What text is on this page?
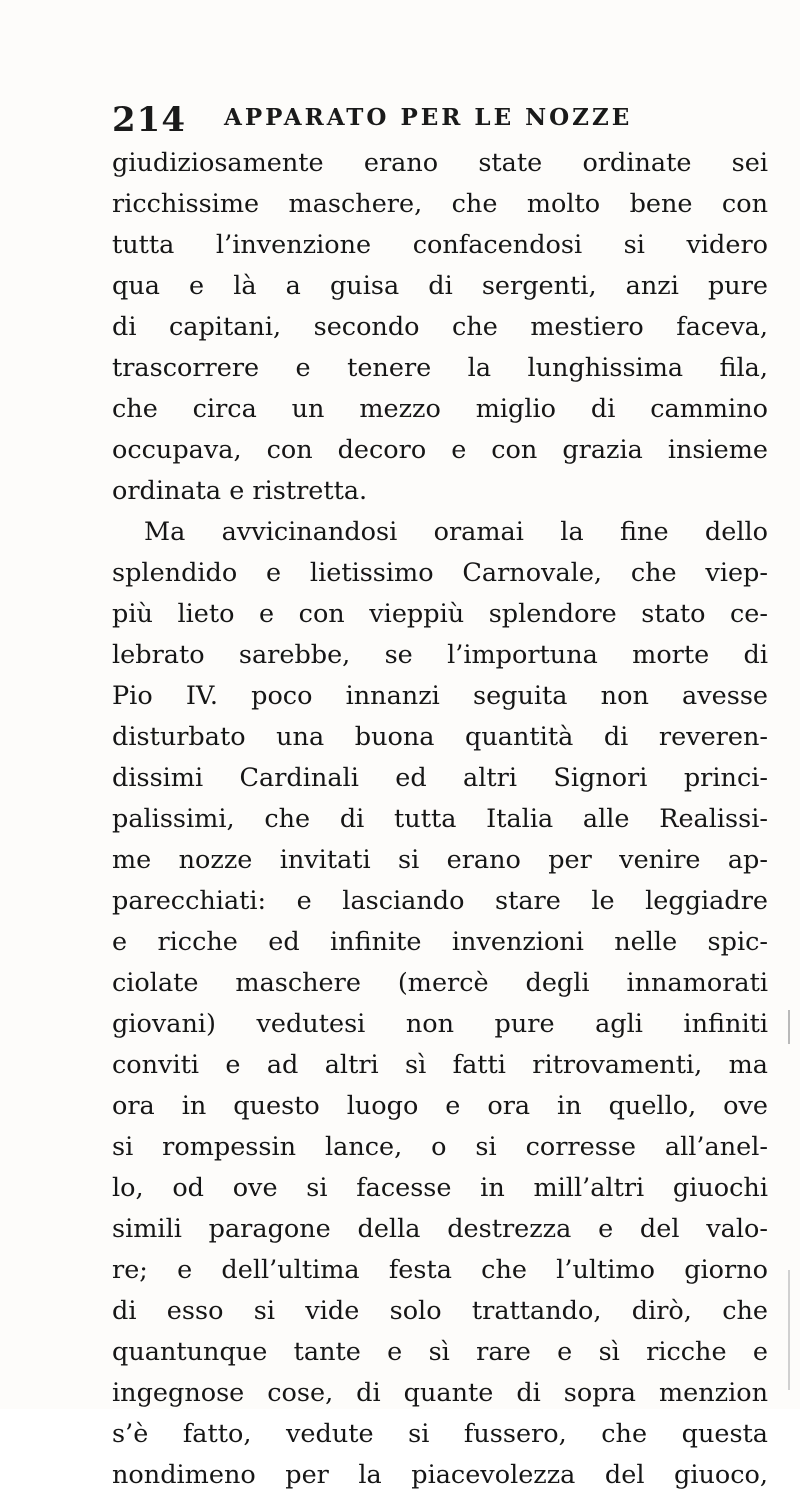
214 APPARATO PER LE NOZZE
giudiziosamente erano state ordinate sei
ricchissime maschere, che molto bene con
tutta l’invenzione confacendosi si videro
qua e là a guisa di sergenti, anzi pure
di capitani, secondo che mestiero faceva,
trascorrere e tenere la lunghissima fila,
che circa un mezzo miglio di cammino
occupava, con decoro e con grazia insieme
ordinata e ristretta.
Ma avvicinandosi oramai la fine dello
splendido e lietissimo Carnovale, che viep-
più lieto e con vieppiù splendore stato ce-
lebrato sarebbe, se l’importuna morte di
Pio IV. poco innanzi seguita non avesse
disturbato una buona quantità di reveren-
dissimi Cardinali ed altri Signori princi-
palissimi, che di tutta Italia alle Realissi-
me nozze invitati si erano per venire ap-
parecchiati: e lasciando stare le leggiadre
e ricche ed infinite invenzioni nelle spic-
ciolate maschere (mercè degli innamorati
giovani) vedutesi non pure agli infiniti
conviti e ad altri sì fatti ritrovamenti, ma
ora in questo luogo e ora in quello, ove
si rompessin lance, o si corresse all’anel-
lo, od ove si facesse in mill’altri giuochi
simili paragone della destrezza e del valo-
re; e dell’ultima festa che l’ultimo giorno
di esso si vide solo trattando, dirò, che
quantunque tante e sì rare e sì ricche e
ingegnose cose, di quante di sopra menzion
s’è fatto, vedute si fussero, che questa
nondimeno per la piacevolezza del giuoco,
